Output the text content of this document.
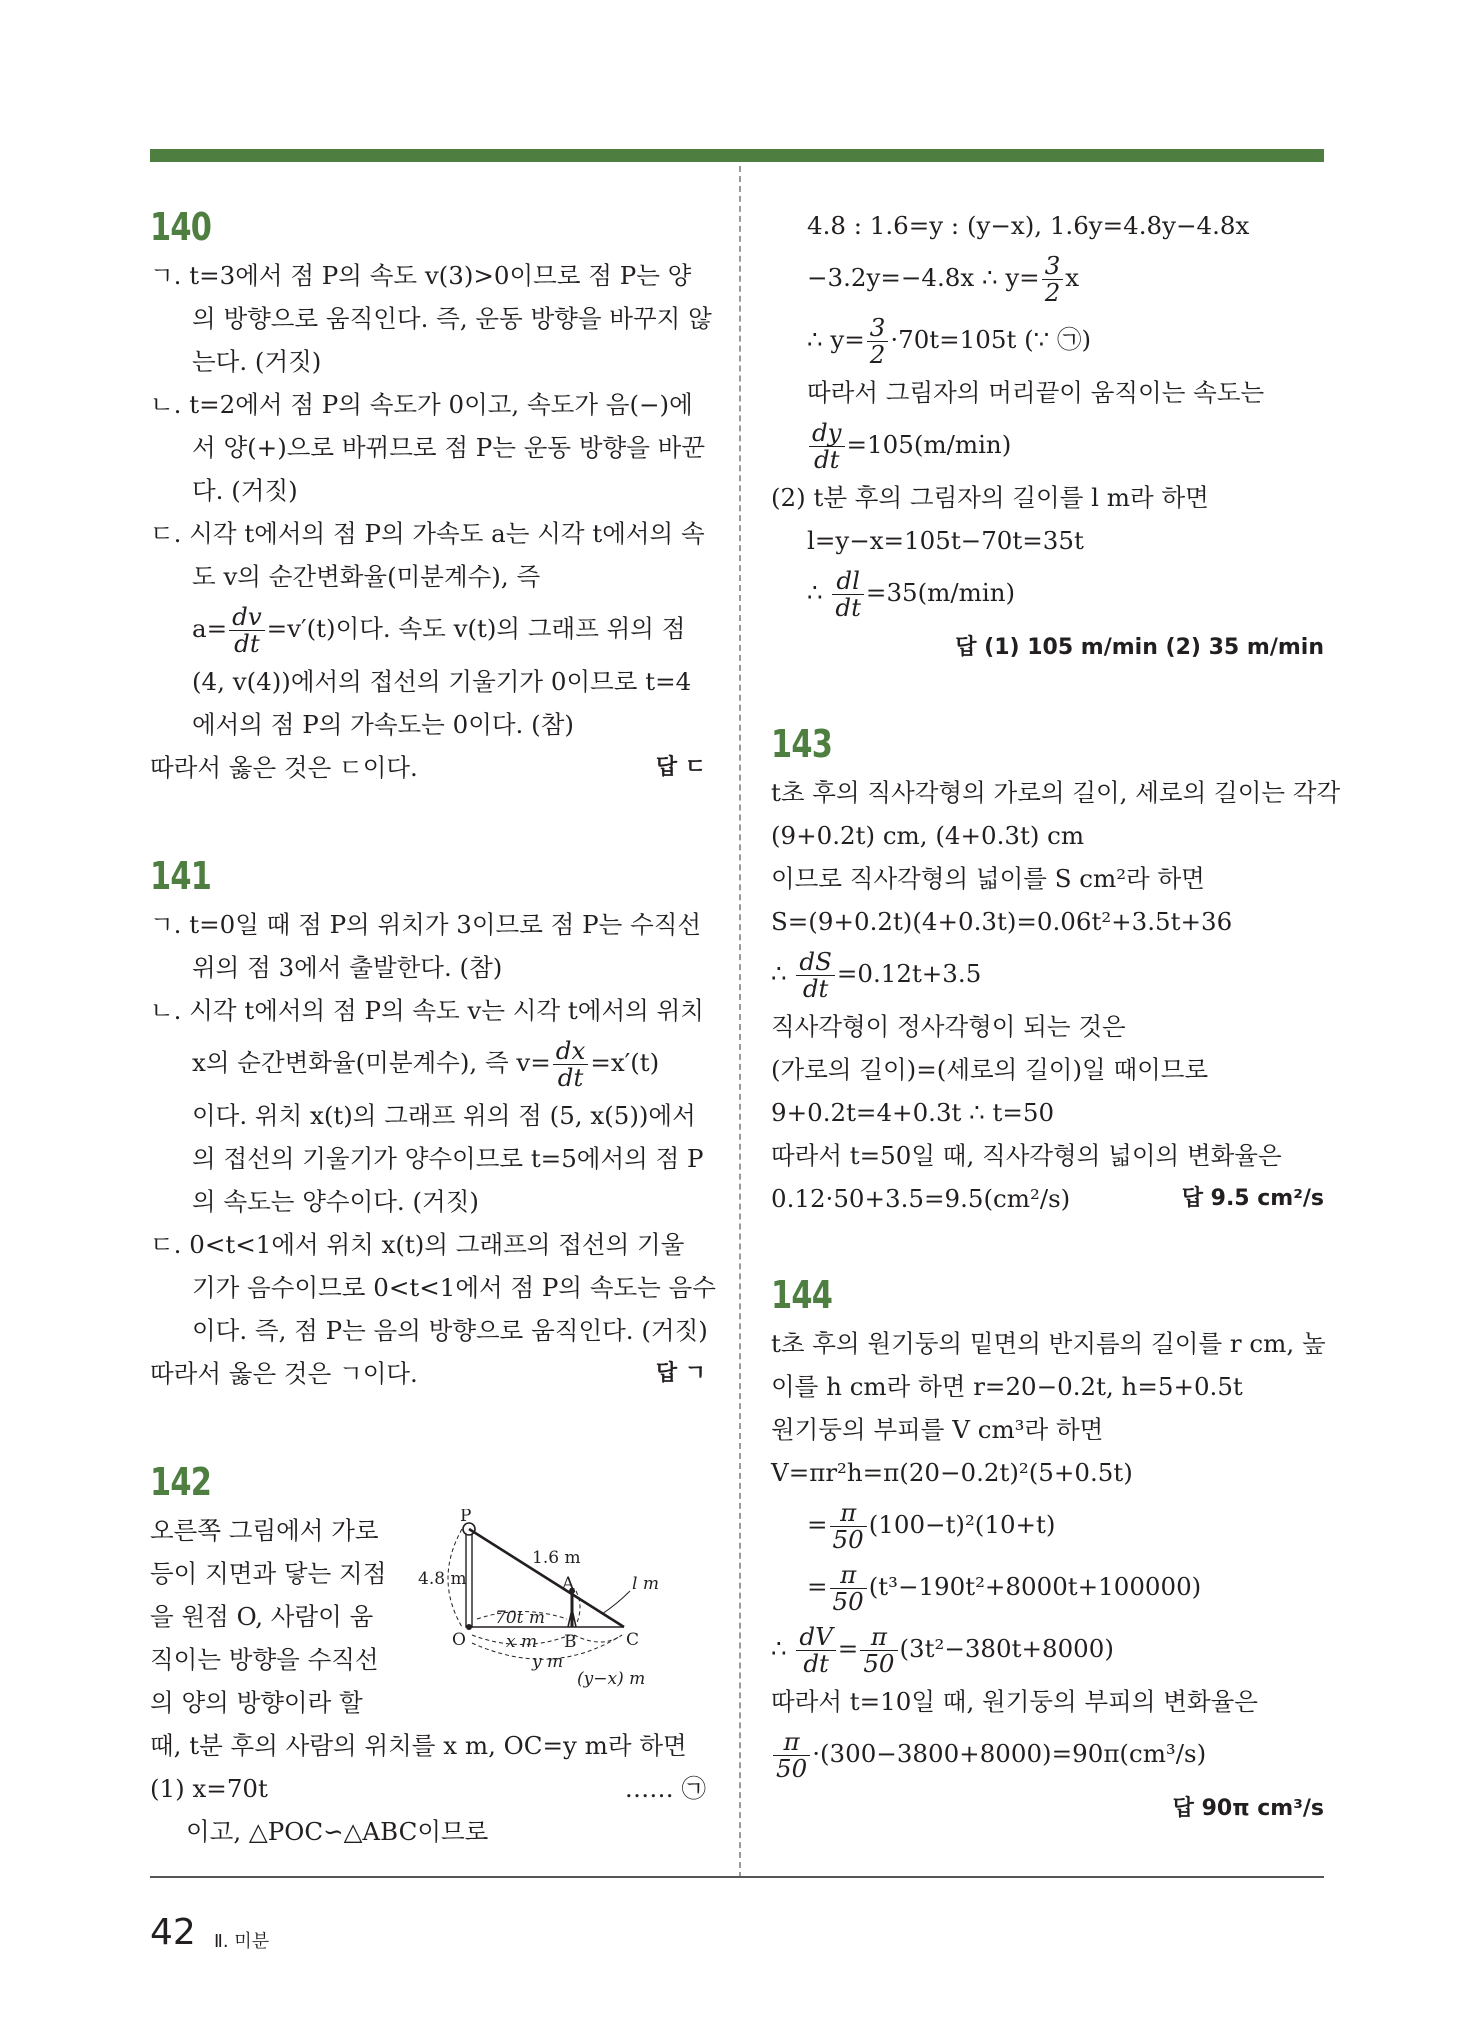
140
ㄱ. t=3에서 점 P의 속도 v(3)>0이므로 점 P는 양
의 방향으로 움직인다. 즉, 운동 방향을 바꾸지 않
는다. (거짓)
ㄴ. t=2에서 점 P의 속도가 0이고, 속도가 음(−)에
서 양(+)으로 바뀌므로 점 P는 운동 방향을 바꾼
다. (거짓)
ㄷ. 시각 t에서의 점 P의 가속도 a는 시각 t에서의 속
도 v의 순간변화율(미분계수), 즉
$a= \frac{dv}{dt} =v'(t)$이다. 속도 v(t)의 그래프 위의 점
(4, v(4))에서의 접선의 기울기가 0이므로 t=4
에서의 점 P의 가속도는 0이다. (참)
따라서 옳은 것은 ㄷ이다.	답 ㄷ
141
ㄱ. t=0일 때 점 P의 위치가 3이므로 점 P는 수직선
위의 점 3에서 출발한다. (참)
ㄴ. 시각 t에서의 점 P의 속도 v는 시각 t에서의 위치
x의 순간변화율(미분계수), 즉 $v= \frac{dx}{dt} =x'(t)$
이다. 위치 x(t)의 그래프 위의 점 (5, x(5))에서
의 접선의 기울기가 양수이므로 t=5에서의 점 P
의 속도는 양수이다. (거짓)
ㄷ. 0<t<1에서 위치 x(t)의 그래프의 접선의 기울
기가 음수이므로 0<t<1에서 점 P의 속도는 음수
이다. 즉, 점 P는 음의 방향으로 움직인다. (거짓)
따라서 옳은 것은 ㄱ이다.	답 ㄱ
142
오른쪽 그림에서 가로
등이 지면과 닿는 지점
을 원점 O, 사람이 움
직이는 방향을 수직선
의 양의 방향이라 할
P
4.8 m
1.6 m
A	l m
70t m
O x m B	C
y m
(y−x) m
때, t분 후의 사람의 위치를 x m, OC=y m라 하면
(1) x=70t	…… ㉠
이고, △POC∽△ABC이므로
4.8 : 1.6=y : (y−x), 1.6y=4.8y−4.8x
−3.2y=−4.8x ∴ $y= \frac{3}{2}$ x
∴ $y= \frac{3}{2} \cdot 70t=105t$ (∵ ㉠)
따라서 그림자의 머리끝이 움직이는 속도는
$\frac{dy}{dt} =105(m/\min)$
(2) t분 후의 그림자의 길이를 l m라 하면
l=y−x=105t−70t=35t
∴ $\frac{dl}{dt} =35(m/\min)$
답 (1) 105 m/min (2) 35 m/min
143
t초 후의 직사각형의 가로의 길이, 세로의 길이는 각각
(9+0.2t) cm, (4+0.3t) cm
이므로 직사각형의 넓이를 S cm²라 하면
S=(9+0.2t)(4+0.3t)=0.06t²+3.5t+36
∴ $\frac{dS}{dt} =0.12t+3.5$
직사각형이 정사각형이 되는 것은
(가로의 길이)=(세로의 길이)일 때이므로
9+0.2t=4+0.3t ∴ t=50
따라서 t=50일 때, 직사각형의 넓이의 변화율은
0.12·50+3.5=9.5(cm²/s)	답 9.5 cm²/s
144
t초 후의 원기둥의 밑면의 반지름의 길이를 r cm, 높
이를 h cm라 하면 r=20−0.2t, h=5+0.5t
원기둥의 부피를 V cm³라 하면
V=πr²h=π(20−0.2t)²(5+0.5t)
= $\frac{\pi}{50} (100-t)^2(10+t)$
= $\frac{\pi}{50} (t^3-190t^2+8000t+100000)$
∴ $\frac{dV}{dt} = \frac{\pi}{50} (3t^2-380t+8000)$
따라서 t=10일 때, 원기둥의 부피의 변화율은
$\frac{\pi}{50} \cdot(300-3800+8000)=90\pi(cm^3/s)$
답 90π cm³/s
42 Ⅱ. 미분
